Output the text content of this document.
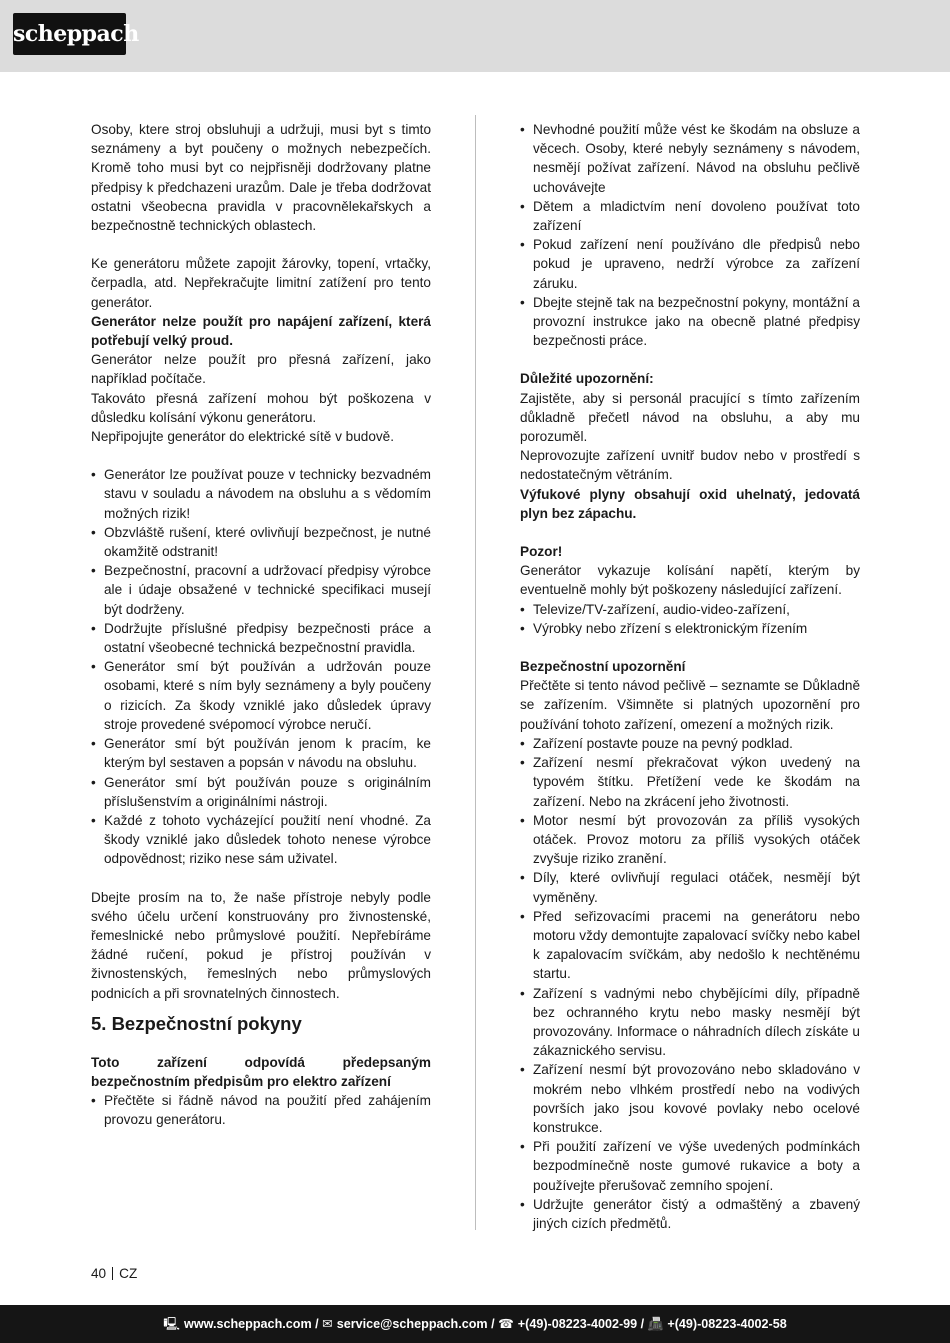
scheppach

Osoby, ktere stroj obsluhuji a udržuji, musi byt s timto seznámeny a byt poučeny o možnych nebezpečích. Kromě toho musi byt co nejpřisněji dodržovany platne předpisy k předchazeni urazům. Dale je třeba dodržovat ostatni všeobecna pravidla v pracovnělekařskych a bezpečnostně technických oblastech.

Ke generátoru můžete zapojit žárovky, topení, vrtačky, čerpadla, atd. Nepřekračujte limitní zatížení pro tento generátor.

Generátor nelze použít pro napájení zařízení, která potřebují velký proud.

Generátor nelze použít pro přesná zařízení, jako například počítače.

Takováto přesná zařízení mohou být poškozena v důsledku kolísání výkonu generátoru.

Nepřipojujte generátor do elektrické sítě v budově.

• Generátor lze používat pouze v technicky bezvadném stavu v souladu a návodem na obsluhu a s vědomím možných rizik!
• Obzvláště rušení, které ovlivňují bezpečnost, je nutné okamžitě odstranit!
• Bezpečnostní, pracovní a udržovací předpisy výrobce ale i údaje obsažené v technické specifikaci musejí být dodrženy.
• Dodržujte příslušné předpisy bezpečnosti práce a ostatní všeobecné technická bezpečnostní pravidla.
• Generátor smí být používán a udržován pouze osobami, které s ním byly seznámeny a byly poučeny o rizicích. Za škody vzniklé jako důsledek úpravy stroje provedené svépomocí výrobce neručí.
• Generátor smí být používán jenom k pracím, ke kterým byl sestaven a popsán v návodu na obsluhu.
• Generátor smí být používán pouze s originálním příslušenstvím a originálními nástroji.
• Každé z tohoto vycházející použití není vhodné. Za škody vzniklé jako důsledek tohoto nenese výrobce odpovědnost; riziko nese sám uživatel.

Dbejte prosím na to, že naše přístroje nebyly podle svého účelu určení konstruovány pro živnostenské, řemeslnické nebo průmyslové použití. Nepřebíráme žádné ručení, pokud je přístroj používán v živnostenských, řemeslných nebo průmyslových podnicích a při srovnatelných činnostech.

5. Bezpečnostní pokyny

Toto zařízení odpovídá předepsaným bezpečnostním předpisům pro elektro zařízení

• Přečtěte si řádně návod na použití před zahájením provozu generátoru.
• Nevhodné použití může vést ke škodám na obsluze a věcech. Osoby, které nebyly seznámeny s návodem, nesmějí požívat zařízení. Návod na obsluhu pečlivě uchovávejte
• Dětem a mladictvím není dovoleno používat toto zařízení
• Pokud zařízení není používáno dle předpisů nebo pokud je upraveno, nedrží výrobce za zařízení záruku.
• Dbejte stejně tak na bezpečnostní pokyny, montážní a provozní instrukce jako na obecně platné předpisy bezpečnosti práce.

Důležité upozornění:

Zajistěte, aby si personál pracující s tímto zařízením důkladně přečetl návod na obsluhu, a aby mu porozuměl.

Neprovozujte zařízení uvnitř budov nebo v prostředí s nedostatečným větráním.

Výfukové plyny obsahují oxid uhelnatý, jedovatá plyn bez zápachu.

Pozor!

Generátor vykazuje kolísání napětí, kterým by eventuelně mohly být poškozeny následující zařízení.

• Televize/TV-zařízení, audio-video-zařízení,
• Výrobky nebo zřízení s elektronickým řízením

Bezpečnostní upozornění

Přečtěte si tento návod pečlivě – seznamte se Důkladně se zařízením. Všimněte si platných upozornění pro používání tohoto zařízení, omezení a možných rizik.

• Zařízení postavte pouze na pevný podklad.
• Zařízení nesmí překračovat výkon uvedený na typovém štítku. Přetížení vede ke škodám na zařízení. Nebo na zkrácení jeho životnosti.
• Motor nesmí být provozován za příliš vysokých otáček. Provoz motoru za příliš vysokých otáček zvyšuje riziko zranění.
• Díly, které ovlivňují regulaci otáček, nesmějí být vyměněny.
• Před seřizovacími pracemi na generátoru nebo motoru vždy demontujte zapalovací svíčky nebo kabel k zapalovacím svíčkám, aby nedošlo k nechtěnému startu.
• Zařízení s vadnými nebo chybějícími díly, případně bez ochranného krytu nebo masky nesmějí být provozovány. Informace o náhradních dílech získáte u zákaznického servisu.
• Zařízení nesmí být provozováno nebo skladováno v mokrém nebo vlhkém prostředí nebo na vodivých površích jako jsou kovové povlaky nebo ocelové konstrukce.
• Při použití zařízení ve výše uvedených podmínkách bezpodmínečně noste gumové rukavice a boty a používejte přerušovač zemního spojení.
• Udržujte generátor čistý a odmaštěný a zbavený jiných cizích předmětů.
40 CZ
🖳 www.scheppach.com / ✉ service@scheppach.com / ☎ +(49)-08223-4002-99 / 📠 +(49)-08223-4002-58
